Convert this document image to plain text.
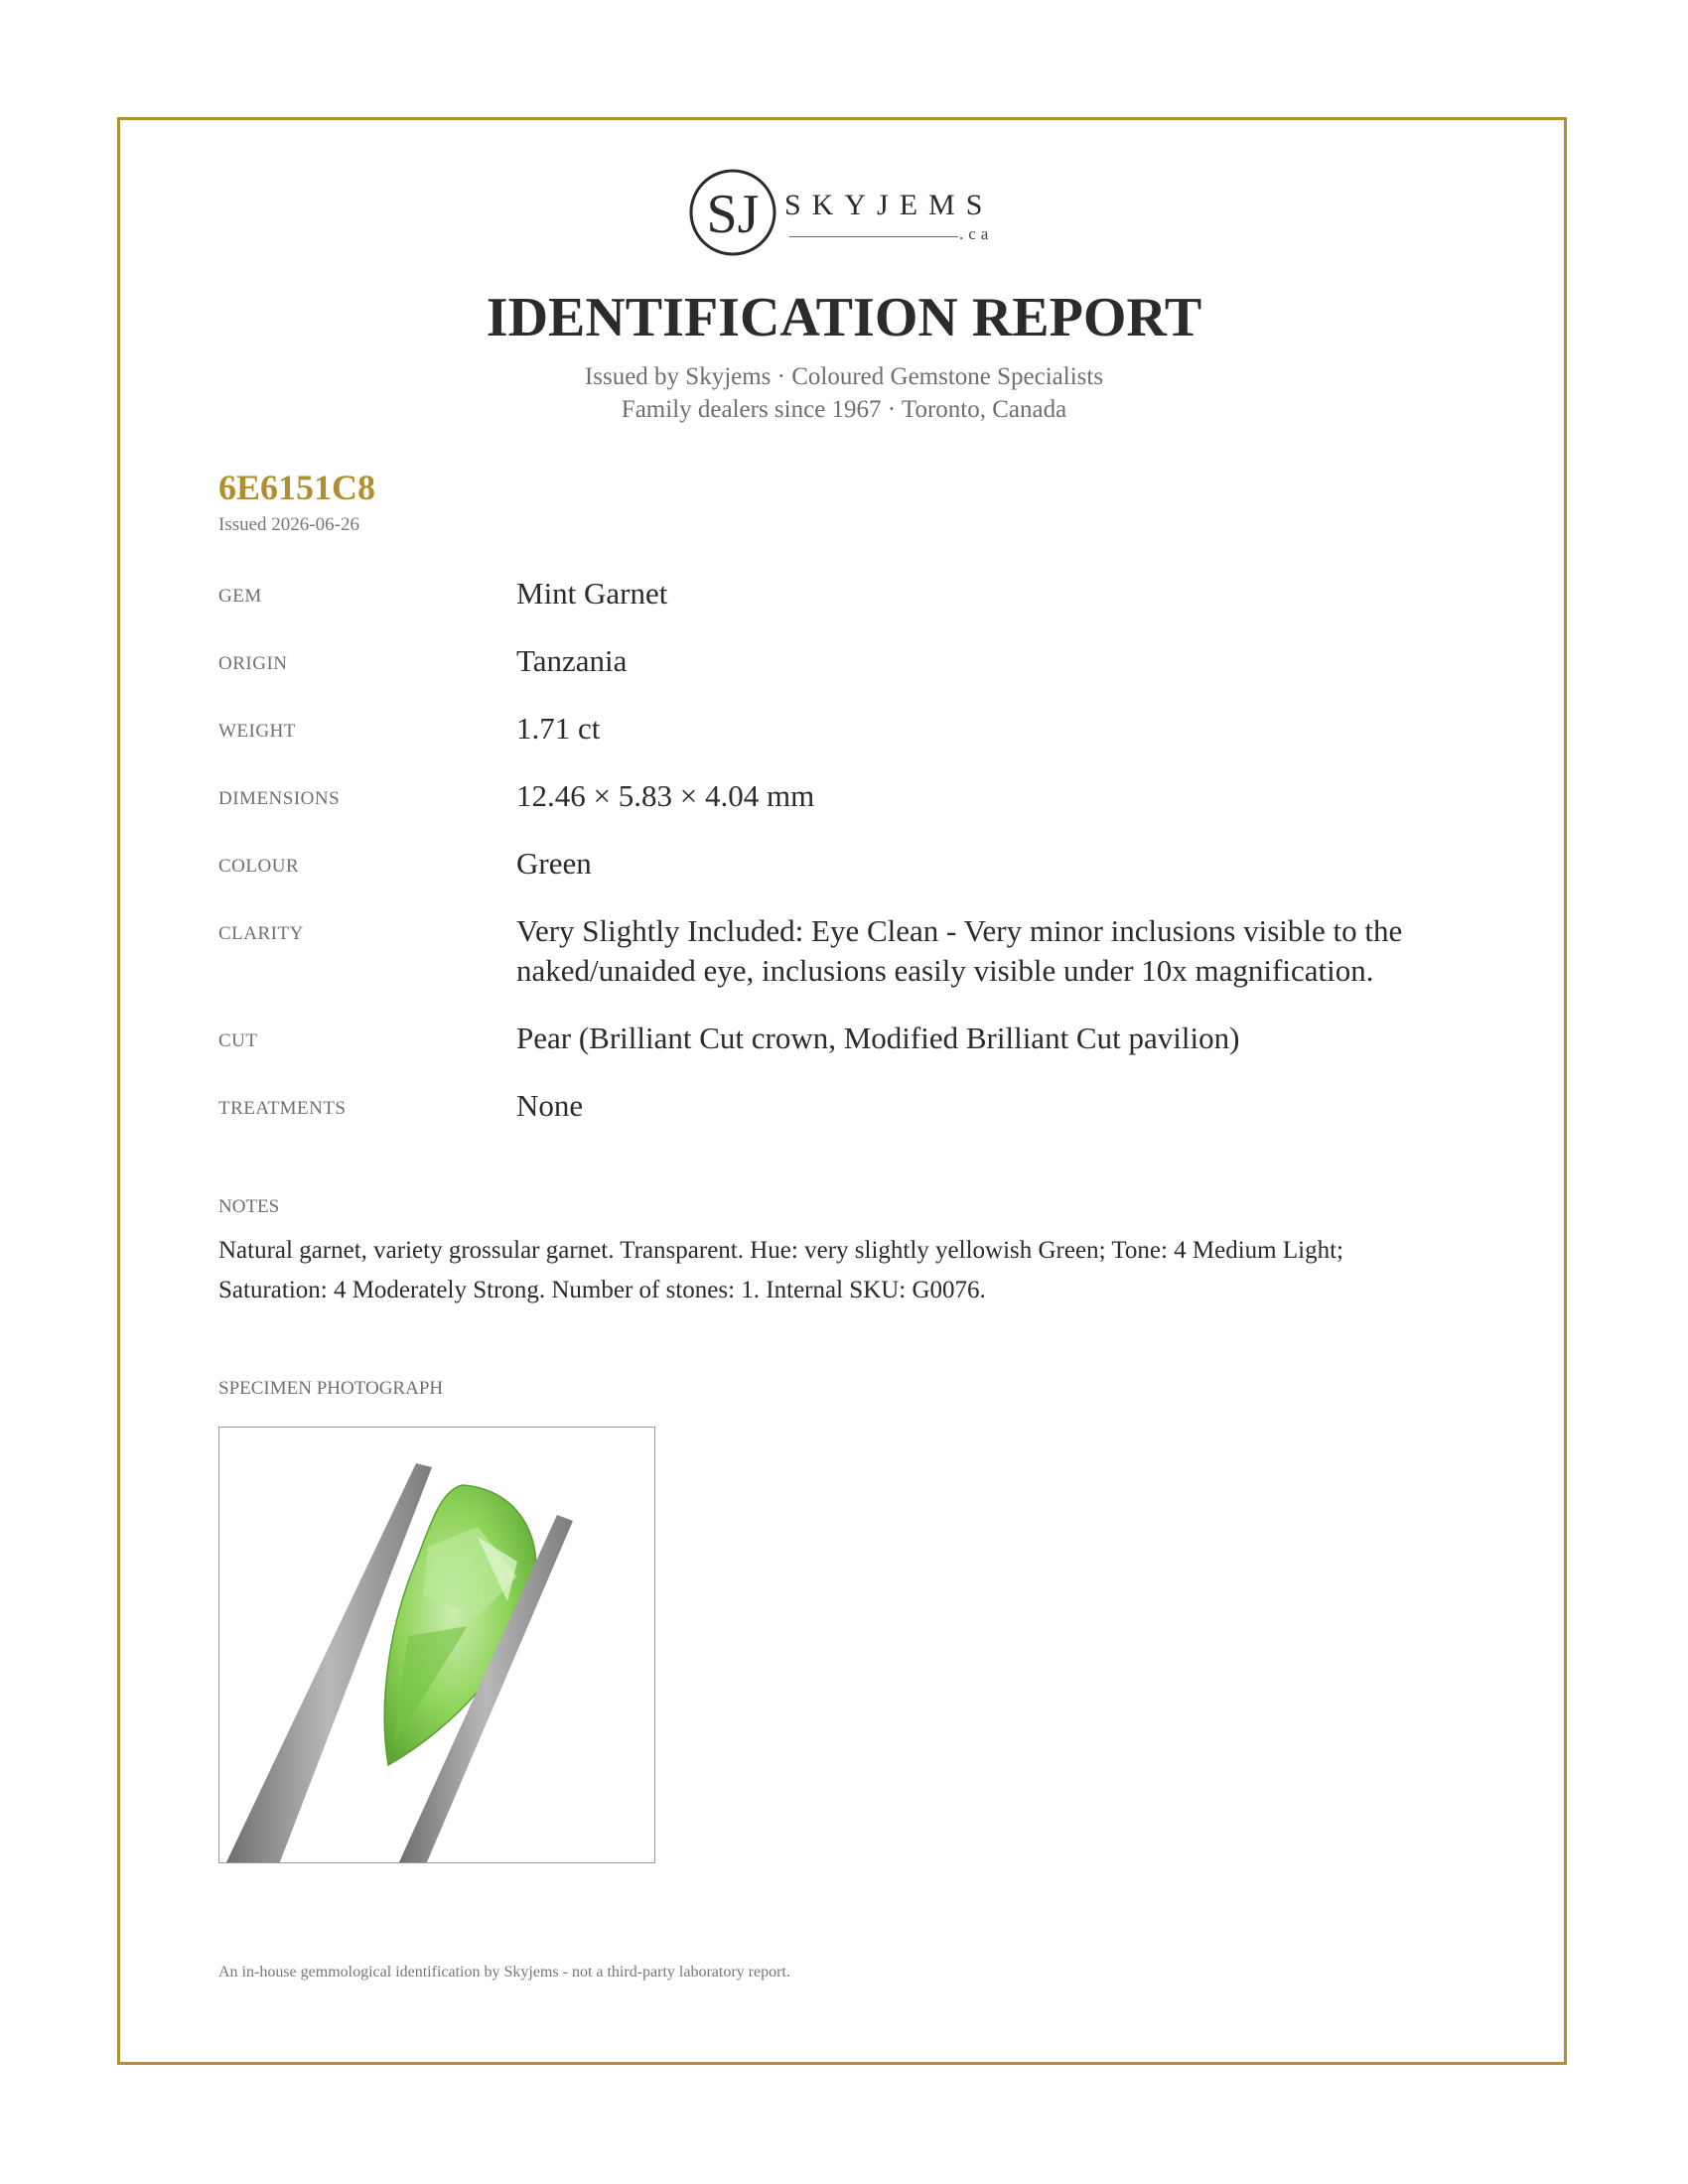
SJ SKYJEMS
.ca
IDENTIFICATION REPORT
Issued by Skyjems · Coloured Gemstone Specialists
Family dealers since 1967 · Toronto, Canada
6E6151C8
Issued 2026-06-26
GEM	Mint Garnet
ORIGIN	Tanzania
WEIGHT	1.71 ct
DIMENSIONS	12.46 × 5.83 × 4.04 mm
COLOUR	Green
CLARITY	Very Slightly Included: Eye Clean - Very minor inclusions visible to the naked/unaided eye, inclusions easily visible under 10x magnification.
CUT	Pear (Brilliant Cut crown, Modified Brilliant Cut pavilion)
TREATMENTS	None
NOTES
Natural garnet, variety grossular garnet. Transparent. Hue: very slightly yellowish Green; Tone: 4 Medium Light; Saturation: 4 Moderately Strong. Number of stones: 1. Internal SKU: G0076.
SPECIMEN PHOTOGRAPH
An in-house gemmological identification by Skyjems - not a third-party laboratory report.
